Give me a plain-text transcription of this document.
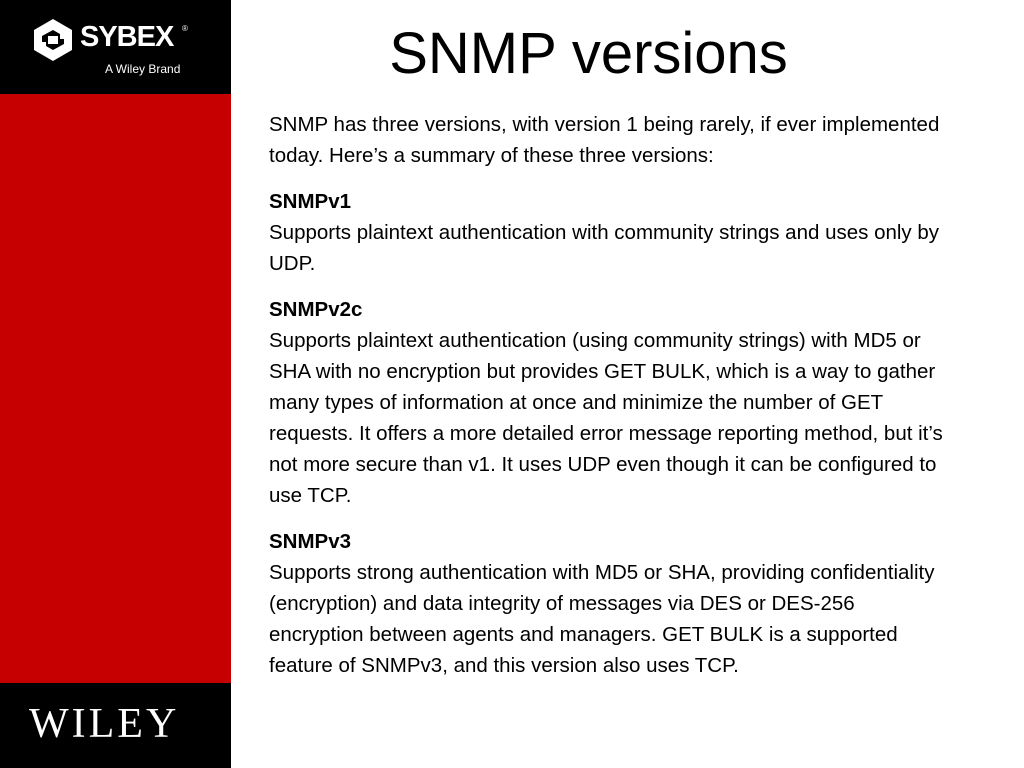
SYBEX ®
A Wiley Brand
WILEY
SNMP versions

SNMP has three versions, with version 1 being rarely, if ever implemented today. Here’s a summary of these three versions:

SNMPv1
Supports plaintext authentication with community strings and uses only by UDP.
SNMPv2c
Supports plaintext authentication (using community strings) with MD5 or SHA with no encryption but provides GET BULK, which is a way to gather many types of information at once and minimize the number of GET requests. It offers a more detailed error message reporting method, but it’s not more secure than v1. It uses UDP even though it can be configured to use TCP.
SNMPv3
Supports strong authentication with MD5 or SHA, providing confidentiality (encryption) and data integrity of messages via DES or DES-256 encryption between agents and managers. GET BULK is a supported feature of SNMPv3, and this version also uses TCP.
